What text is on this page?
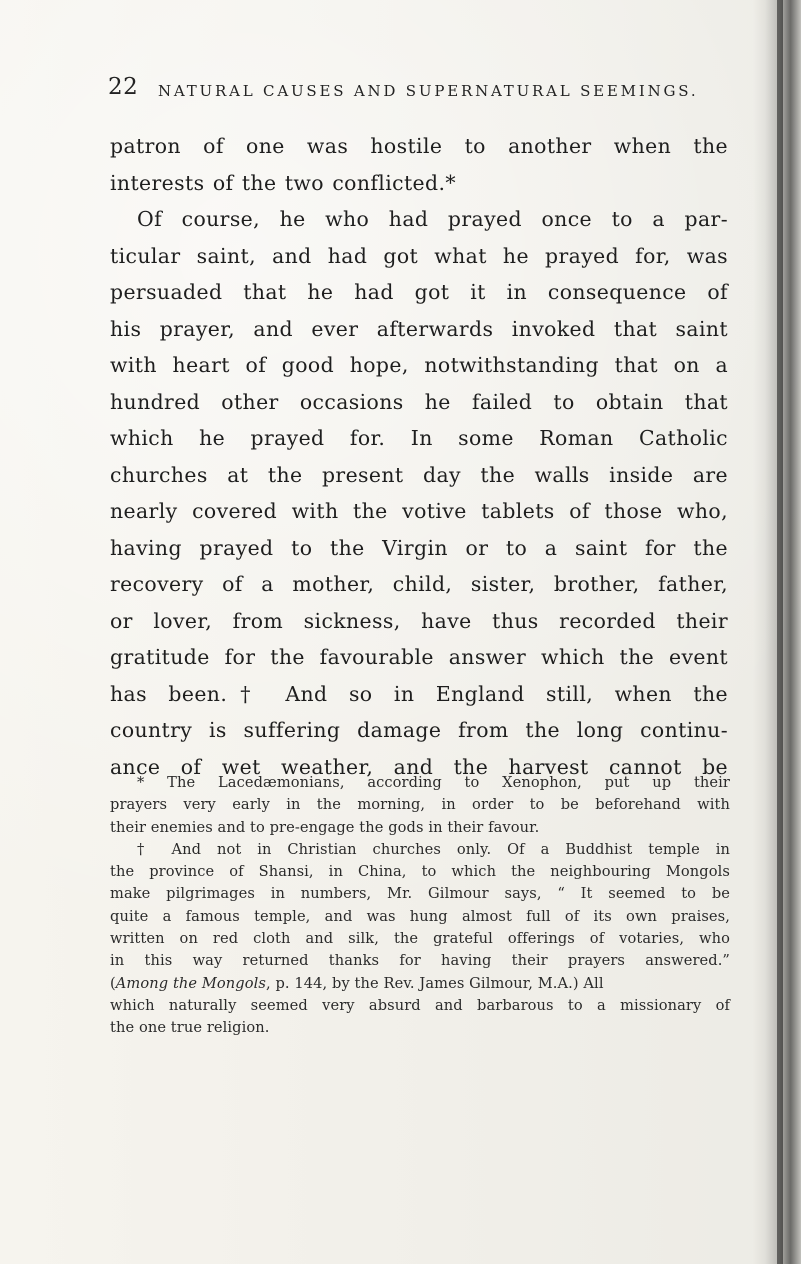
22 NATURAL CAUSES AND SUPERNATURAL SEEMINGS.
patron of one was hostile to another when the
interests of the two conflicted.*
Of course, he who had prayed once to a par-
ticular saint, and had got what he prayed for, was
persuaded that he had got it in consequence of
his prayer, and ever afterwards invoked that saint
with heart of good hope, notwithstanding that on a
hundred other occasions he failed to obtain that
which he prayed for. In some Roman Catholic
churches at the present day the walls inside are
nearly covered with the votive tablets of those who,
having prayed to the Virgin or to a saint for the
recovery of a mother, child, sister, brother, father,
or lover, from sickness, have thus recorded their
gratitude for the favourable answer which the event
has been.† And so in England still, when the
country is suffering damage from the long continu-
ance of wet weather, and the harvest cannot be
* The Lacedæmonians, according to Xenophon, put up their
prayers very early in the morning, in order to be beforehand with
their enemies and to pre-engage the gods in their favour.
† And not in Christian churches only. Of a Buddhist temple in
the province of Shansi, in China, to which the neighbouring Mongols
make pilgrimages in numbers, Mr. Gilmour says, “ It seemed to be
quite a famous temple, and was hung almost full of its own praises,
written on red cloth and silk, the grateful offerings of votaries, who
in this way returned thanks for having their prayers answered.”
(Among the Mongols, p. 144, by the Rev. James Gilmour, M.A.) All
which naturally seemed very absurd and barbarous to a missionary of
the one true religion.
